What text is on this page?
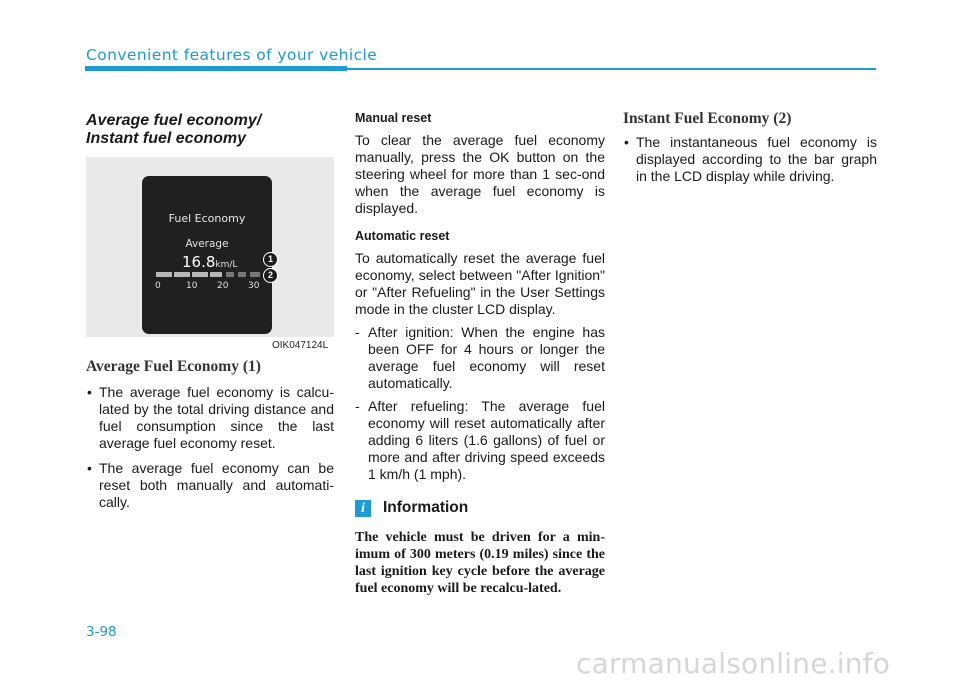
Convenient features of your vehicle
Average fuel economy/
Instant fuel economy
Fuel Economy
Average
16.8km/L
0	10 20 30
1
2
OIK047124L
Average Fuel Economy (1)

• The average fuel economy is calcu-lated by the total driving distance and fuel consumption since the last average fuel economy reset.

• The average fuel economy can be reset both manually and automati-cally.

Manual reset

To clear the average fuel economy manually, press the OK button on the steering wheel for more than 1 sec-ond when the average fuel economy is displayed.

Automatic reset

To automatically reset the average fuel economy, select between "After Ignition" or "After Refueling" in the User Settings mode in the cluster LCD display.

- After ignition: When the engine has been OFF for 4 hours or longer the average fuel economy will reset automatically.
- After refueling: The average fuel economy will reset automatically after adding 6 liters (1.6 gallons) of fuel or more and after driving speed exceeds 1 km/h (1 mph).
i	Information

The vehicle must be driven for a min-imum of 300 meters (0.19 miles) since the last ignition key cycle before the average fuel economy will be recalcu-lated.

Instant Fuel Economy (2)

• The instantaneous fuel economy is displayed according to the bar graph in the LCD display while driving.

3-98
carmanualsonline.info
